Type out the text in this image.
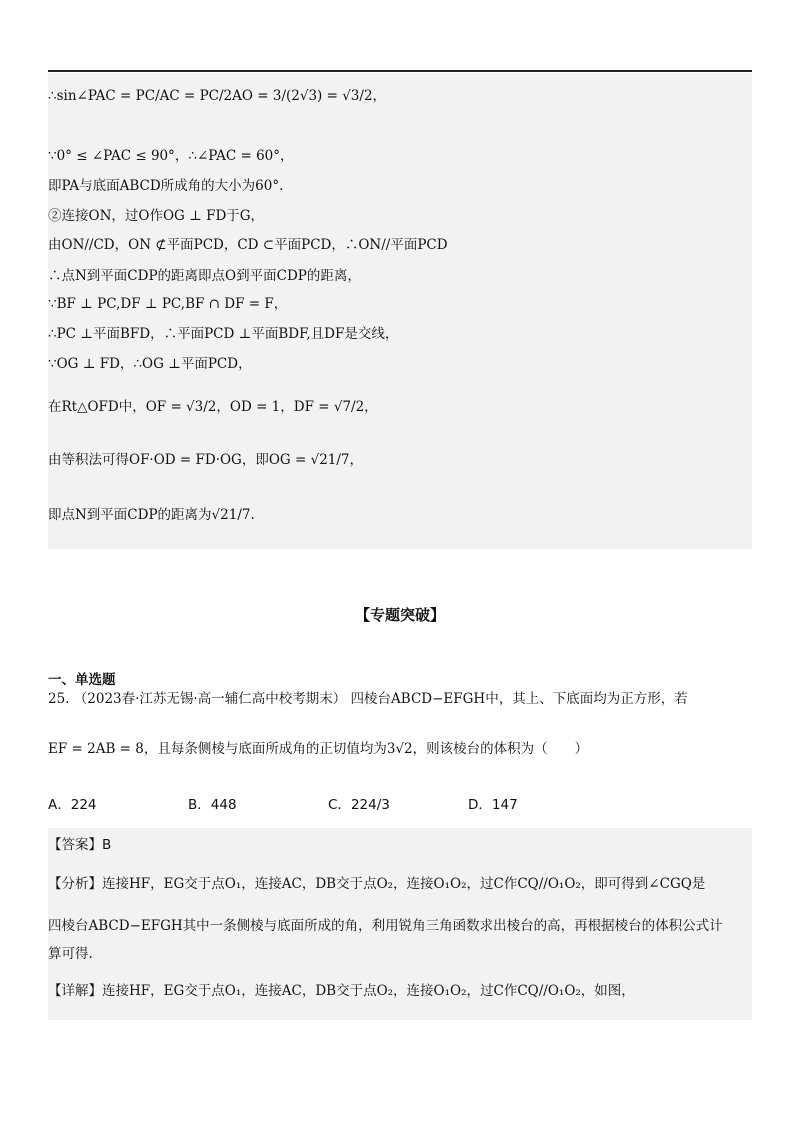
∴sin∠PAC = PC/AC = PC/2AO = 3/(2√3) = √3/2，
∵0° ≤ ∠PAC ≤ 90°，∴∠PAC = 60°，
即PA与底面ABCD所成角的大小为60°.
②连接ON，过O作OG ⊥ FD于G，
由ON//CD，ON ⊄平面PCD，CD ⊂平面PCD，∴ON//平面PCD
∴点N到平面CDP的距离即点O到平面CDP的距离，
∵BF ⊥ PC,DF ⊥ PC,BF ∩ DF = F，
∴PC ⊥平面BFD，∴平面PCD ⊥平面BDF,且DF是交线，
∵OG ⊥ FD，∴OG ⊥平面PCD，
在Rt△OFD中，OF = √3/2，OD = 1，DF = √7/2，
由等积法可得OF·OD = FD·OG，即OG = √21/7，
即点N到平面CDP的距离为√21/7.
【专题突破】
一、单选题
25. （2023春·江苏无锡·高一辅仁高中校考期末） 四棱台ABCD−EFGH中，其上、下底面均为正方形，若
EF = 2AB = 8，且每条侧棱与底面所成角的正切值均为3√2，则该棱台的体积为（　　）
A．224	B．448	C．224/3	D．147
【答案】B
【分析】连接HF，EG交于点O₁，连接AC，DB交于点O₂，连接O₁O₂，过C作CQ//O₁O₂，即可得到∠CGQ是
四棱台ABCD−EFGH其中一条侧棱与底面所成的角，利用锐角三角函数求出棱台的高，再根据棱台的体积公式计
算可得.
【详解】连接HF，EG交于点O₁，连接AC，DB交于点O₂，连接O₁O₂，过C作CQ//O₁O₂，如图，
